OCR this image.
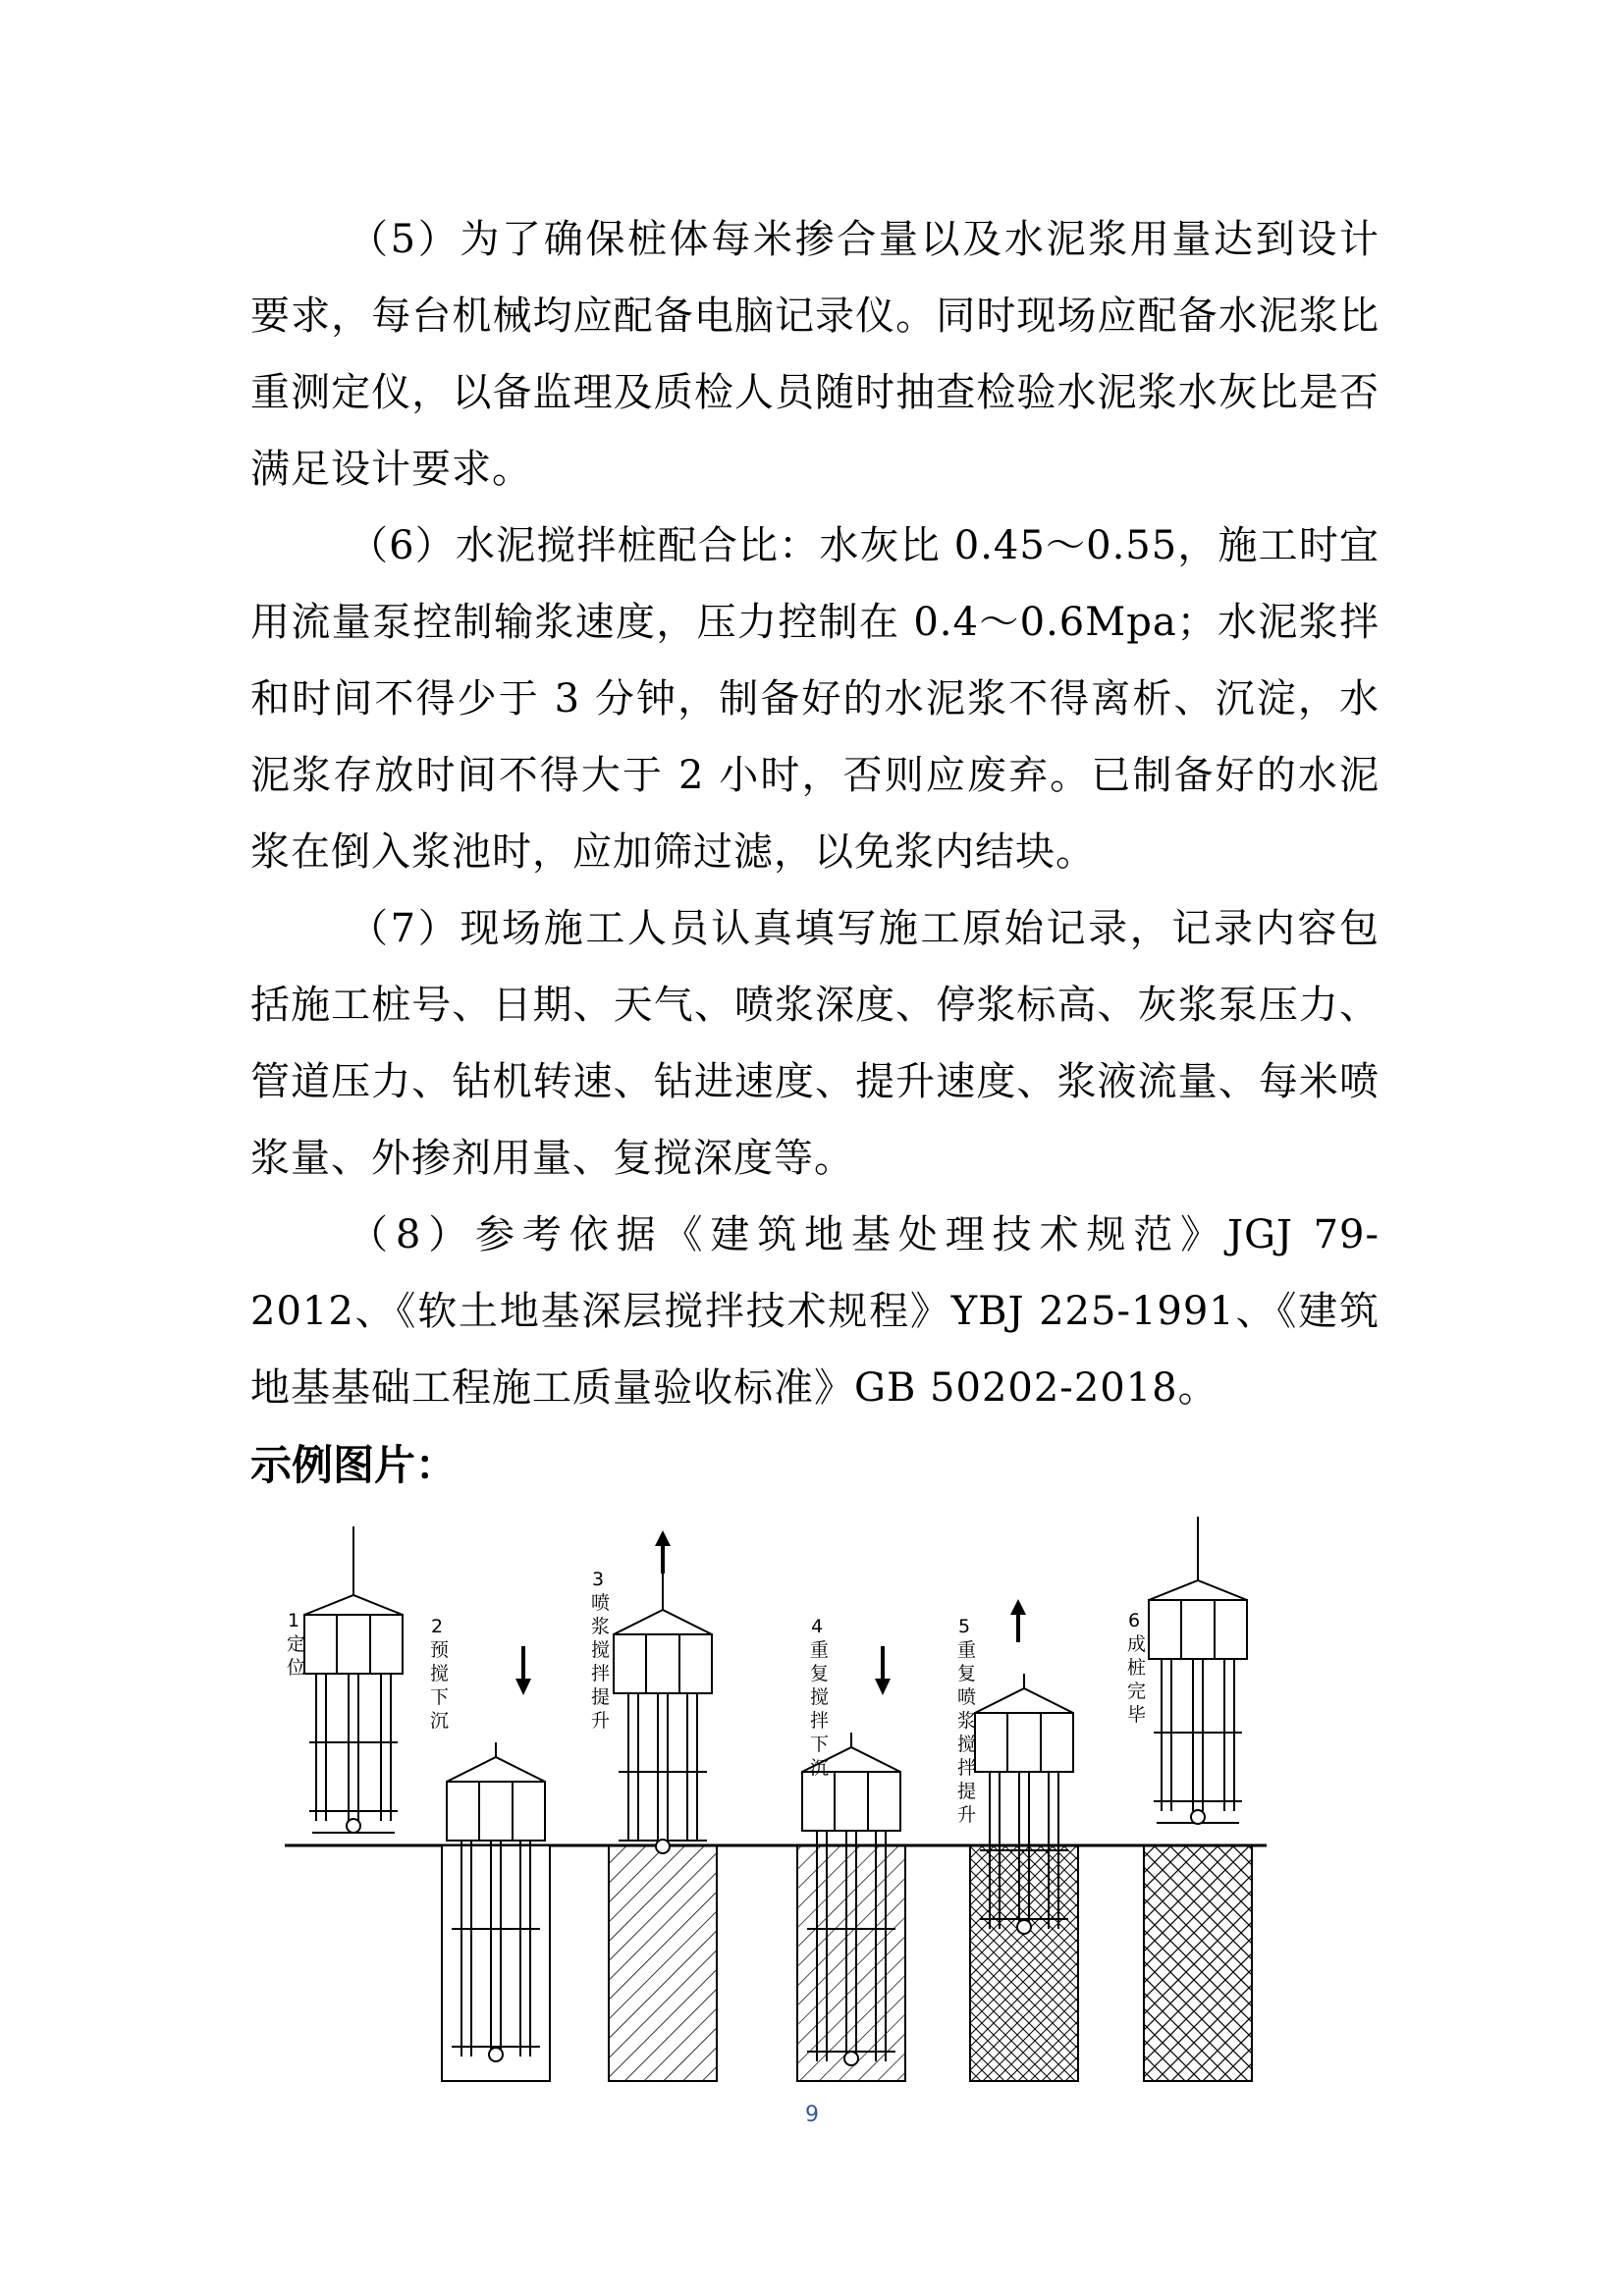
（5）为了确保桩体每米掺合量以及水泥浆用量达到设计要求，每台机械均应配备电脑记录仪。同时现场应配备水泥浆比重测定仪，以备监理及质检人员随时抽查检验水泥浆水灰比是否满足设计要求。

（6）水泥搅拌桩配合比：水灰比 0.45～0.55，施工时宜用流量泵控制输浆速度，压力控制在 0.4～0.6Mpa；水泥浆拌和时间不得少于 3 分钟，制备好的水泥浆不得离析、沉淀，水泥浆存放时间不得大于 2 小时，否则应废弃。已制备好的水泥浆在倒入浆池时，应加筛过滤，以免浆内结块。

（7）现场施工人员认真填写施工原始记录，记录内容包括施工桩号、日期、天气、喷浆深度、停浆标高、灰浆泵压力、管道压力、钻机转速、钻进速度、提升速度、浆液流量、每米喷浆量、外掺剂用量、复搅深度等。

（8）参考依据《建筑地基处理技术规范》JGJ 79-2012、《软土地基深层搅拌技术规程》YBJ 225-1991、《建筑地基基础工程施工质量验收标准》GB 50202-2018。

示例图片：

1
定
位
2
预
搅
下
沉
3
喷
浆
搅
拌
提
升
4
重
复
搅
拌
下
沉
5
重
复
喷
浆
搅
拌
提
升
6
成
桩
完
毕
9
